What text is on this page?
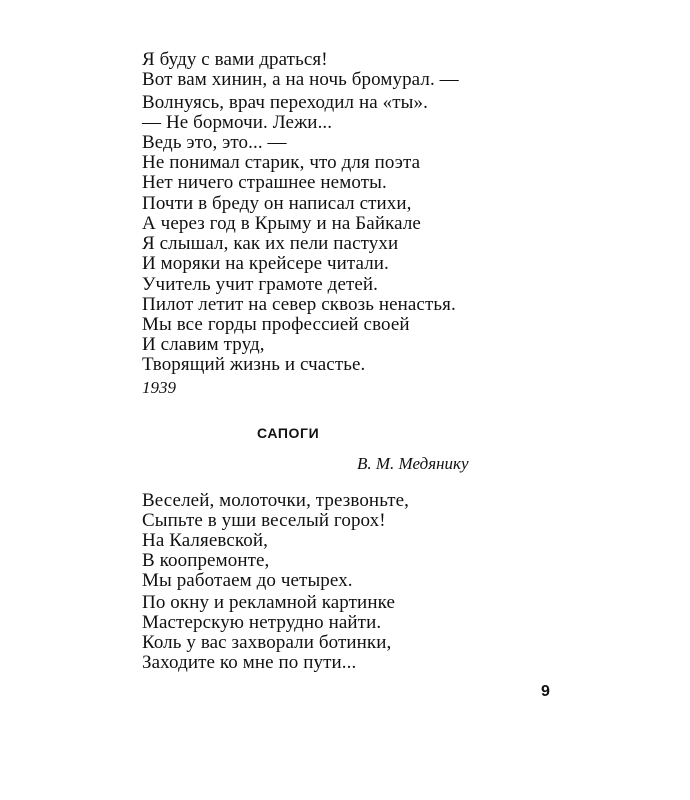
Я буду с вами драться!
Вот вам хинин, а на ночь бромурал. —
Волнуясь, врач переходил на «ты».
— Не бормочи. Лежи...
Ведь это, это... —
Не понимал старик, что для поэта
Нет ничего страшнее немоты.
Почти в бреду он написал стихи,
А через год в Крыму и на Байкале
Я слышал, как их пели пастухи
И моряки на крейсере читали.
Учитель учит грамоте детей.
Пилот летит на север сквозь ненастья.
Мы все горды профессией своей
И славим труд,
Творящий жизнь и счастье.
1939
САПОГИ
В. М. Медянику
Веселей, молоточки, трезвоньте,
Сыпьте в уши веселый горох!
На Каляевской,
В коопремонте,
Мы работаем до четырех.
По окну и рекламной картинке
Мастерскую нетрудно найти.
Коль у вас захворали ботинки,
Заходите ко мне по пути...
9
